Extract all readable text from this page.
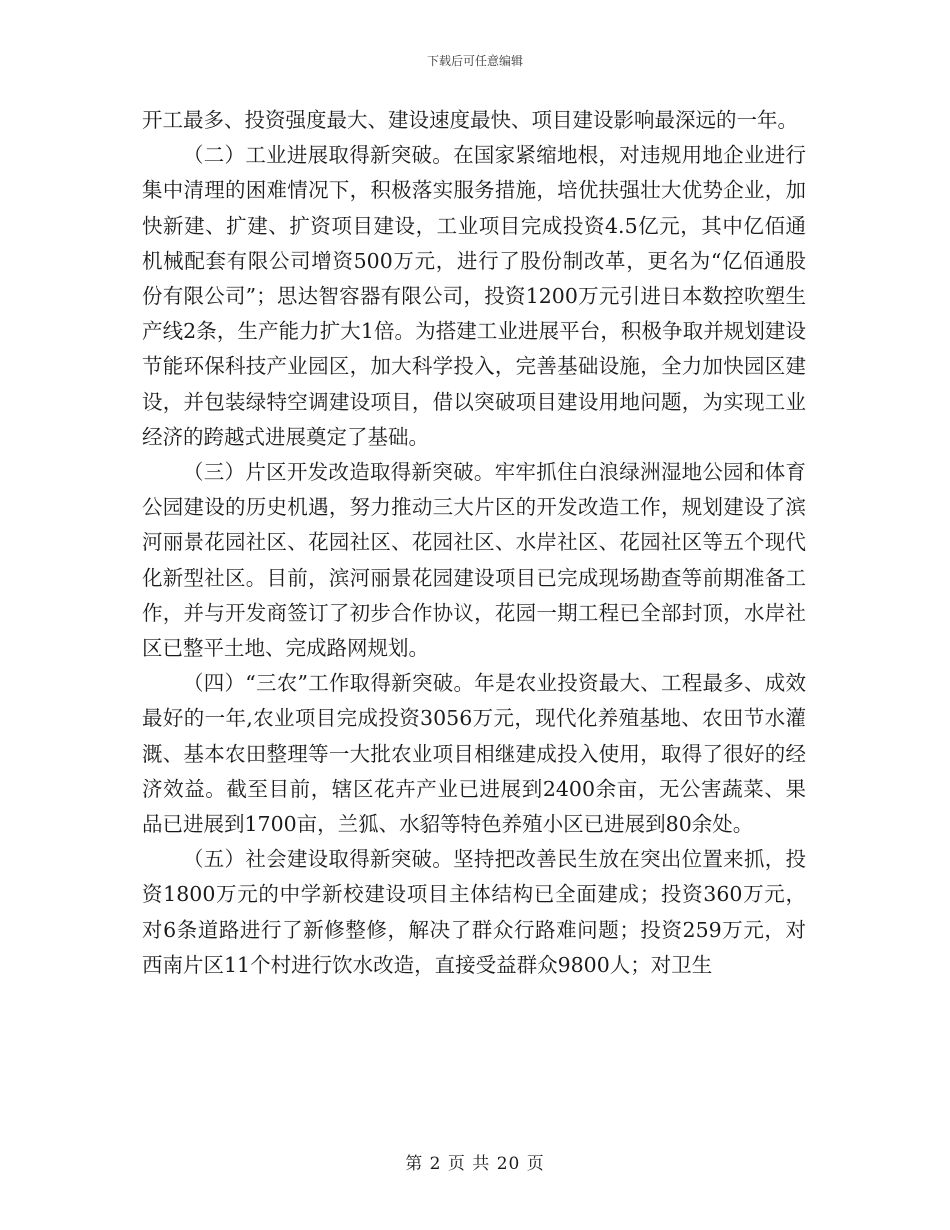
下载后可任意编辑

开工最多、投资强度最大、建设速度最快、项目建设影响最深远的一年。

（二）工业进展取得新突破。在国家紧缩地根，对违规用地企业进行集中清理的困难情况下，积极落实服务措施，培优扶强壮大优势企业，加快新建、扩建、扩资项目建设，工业项目完成投资4.5亿元，其中亿佰通机械配套有限公司增资500万元，进行了股份制改革，更名为“亿佰通股份有限公司”；思达智容器有限公司，投资1200万元引进日本数控吹塑生产线2条，生产能力扩大1倍。为搭建工业进展平台，积极争取并规划建设节能环保科技产业园区，加大科学投入，完善基础设施，全力加快园区建设，并包装绿特空调建设项目，借以突破项目建设用地问题，为实现工业经济的跨越式进展奠定了基础。

（三）片区开发改造取得新突破。牢牢抓住白浪绿洲湿地公园和体育公园建设的历史机遇，努力推动三大片区的开发改造工作，规划建设了滨河丽景花园社区、花园社区、花园社区、水岸社区、花园社区等五个现代化新型社区。目前，滨河丽景花园建设项目已完成现场勘查等前期准备工作，并与开发商签订了初步合作协议，花园一期工程已全部封顶，水岸社区已整平土地、完成路网规划。

（四）“三农”工作取得新突破。年是农业投资最大、工程最多、成效最好的一年,农业项目完成投资3056万元，现代化养殖基地、农田节水灌溉、基本农田整理等一大批农业项目相继建成投入使用，取得了很好的经济效益。截至目前，辖区花卉产业已进展到2400余亩，无公害蔬菜、果品已进展到1700亩，兰狐、水貂等特色养殖小区已进展到80余处。

（五）社会建设取得新突破。坚持把改善民生放在突出位置来抓，投资1800万元的中学新校建设项目主体结构已全面建成；投资360万元，对6条道路进行了新修整修，解决了群众行路难问题；投资259万元，对西南片区11个村进行饮水改造，直接受益群众9800人；对卫生

第 2 页 共 20 页
